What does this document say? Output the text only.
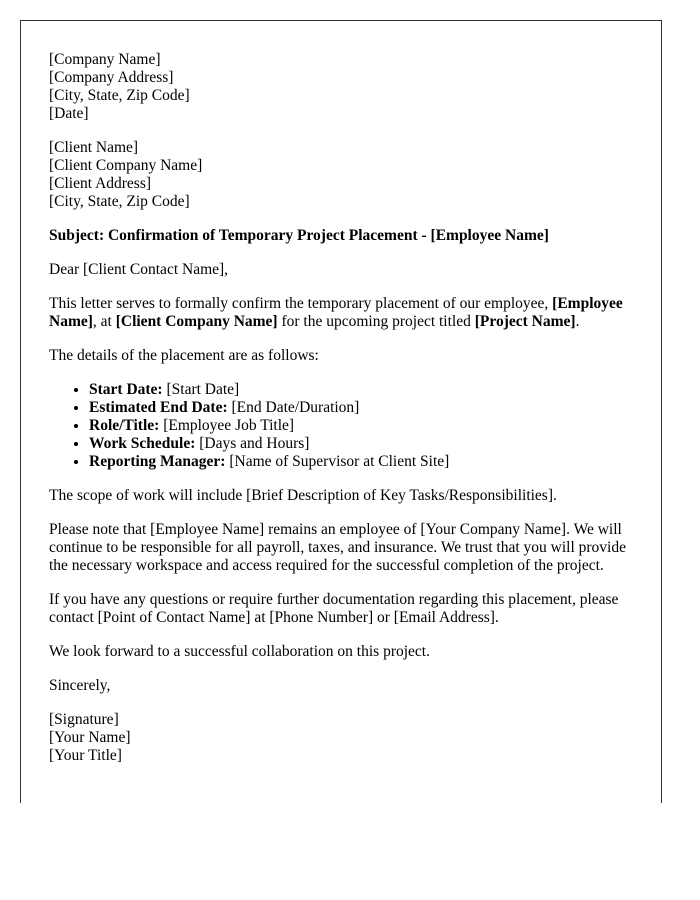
[Company Name]
[Company Address]
[City, State, Zip Code]
[Date]

[Client Name]
[Client Company Name]
[Client Address]
[City, State, Zip Code]

Subject: Confirmation of Temporary Project Placement - [Employee Name]

Dear [Client Contact Name],

This letter serves to formally confirm the temporary placement of our employee, [Employee Name], at [Client Company Name] for the upcoming project titled [Project Name].

The details of the placement are as follows:

• Start Date: [Start Date]
• Estimated End Date: [End Date/Duration]
• Role/Title: [Employee Job Title]
• Work Schedule: [Days and Hours]
• Reporting Manager: [Name of Supervisor at Client Site]

The scope of work will include [Brief Description of Key Tasks/Responsibilities].

Please note that [Employee Name] remains an employee of [Your Company Name]. We will continue to be responsible for all payroll, taxes, and insurance. We trust that you will provide the necessary workspace and access required for the successful completion of the project.

If you have any questions or require further documentation regarding this placement, please contact [Point of Contact Name] at [Phone Number] or [Email Address].

We look forward to a successful collaboration on this project.

Sincerely,

[Signature]
[Your Name]
[Your Title]
